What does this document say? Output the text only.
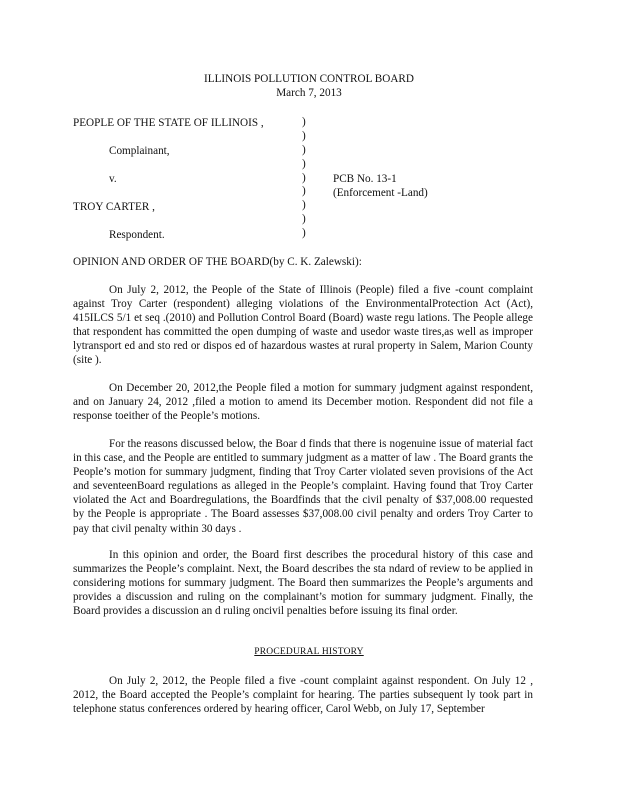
ILLINOIS POLLUTION CONTROL BOARD
March 7, 2013
PEOPLE OF THE STATE OF ILLINOIS ,
Complainant,
v.	PCB No. 13-1
(Enforcement -Land)
TROY CARTER ,
Respondent.
)
)
)
)
)
)
)
)
)
OPINION AND ORDER OF THE BOARD(by C. K. Zalewski):

On July 2, 2012, the People of the State of Illinois (People) filed a five -count complaint against Troy Carter (respondent) alleging violations of the EnvironmentalProtection Act (Act), 415ILCS 5/1 et seq .(2010) and Pollution Control Board (Board) waste regu lations. The People allege that respondent has committed the open dumping of waste and usedor waste tires,as well as improper lytransport ed and sto red or dispos ed of hazardous wastes at rural property in Salem, Marion County (site ).

On December 20, 2012,the People filed a motion for summary judgment against respondent, and on January 24, 2012 ,filed a motion to amend its December motion. Respondent did not file a response toeither of the People’s motions.

For the reasons discussed below, the Boar d finds that there is nogenuine issue of material fact in this case, and the People are entitled to summary judgment as a matter of law . The Board grants the People’s motion for summary judgment, finding that Troy Carter violated seven provisions of the Act and seventeenBoard regulations as alleged in the People’s complaint. Having found that Troy Carter violated the Act and Boardregulations, the Boardfinds that the civil penalty of $37,008.00 requested by the People is appropriate . The Board assesses $37,008.00 civil penalty and orders Troy Carter to pay that civil penalty within 30 days .

In this opinion and order, the Board first describes the procedural history of this case and summarizes the People’s complaint. Next, the Board describes the sta ndard of review to be applied in considering motions for summary judgment. The Board then summarizes the People’s arguments and provides a discussion and ruling on the complainant’s motion for summary judgment. Finally, the Board provides a discussion an d ruling oncivil penalties before issuing its final order.

PROCEDURAL HISTORY

On July 2, 2012, the People filed a five -count complaint against respondent. On July 12 , 2012, the Board accepted the People’s complaint for hearing. The parties subsequent ly took part in telephone status conferences ordered by hearing officer, Carol Webb, on July 17, September
